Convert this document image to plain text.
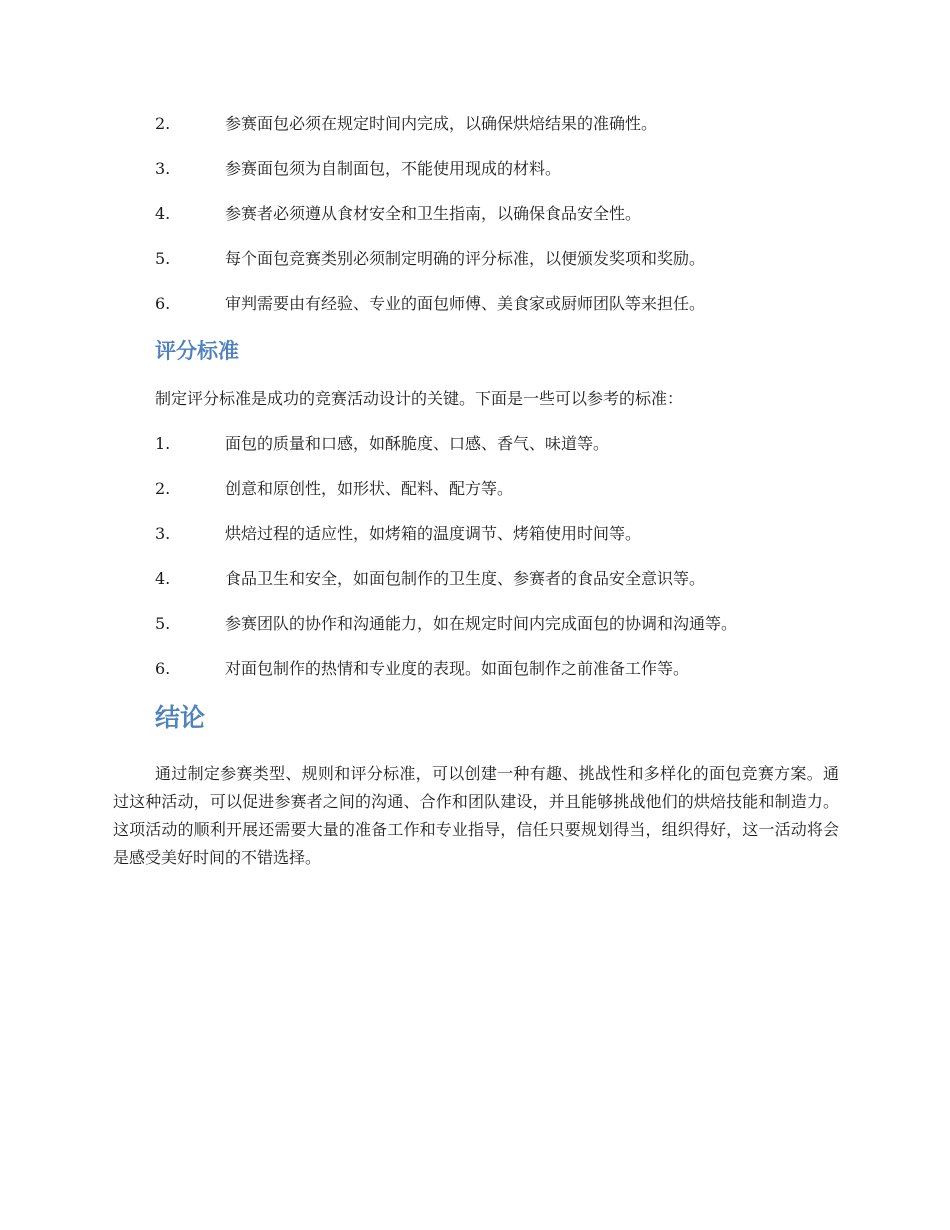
2.	参赛面包必须在规定时间内完成，以确保烘焙结果的准确性。
3.	参赛面包须为自制面包，不能使用现成的材料。
4.	参赛者必须遵从食材安全和卫生指南，以确保食品安全性。
5.	每个面包竞赛类别必须制定明确的评分标准，以便颁发奖项和奖励。
6.	审判需要由有经验、专业的面包师傅、美食家或厨师团队等来担任。
评分标准

制定评分标准是成功的竞赛活动设计的关键。下面是一些可以参考的标准：

1.	面包的质量和口感，如酥脆度、口感、香气、味道等。
2.	创意和原创性，如形状、配料、配方等。
3.	烘焙过程的适应性，如烤箱的温度调节、烤箱使用时间等。
4.	食品卫生和安全，如面包制作的卫生度、参赛者的食品安全意识等。
5.	参赛团队的协作和沟通能力，如在规定时间内完成面包的协调和沟通等。
6.	对面包制作的热情和专业度的表现。如面包制作之前准备工作等。
结论

通过制定参赛类型、规则和评分标准，可以创建一种有趣、挑战性和多样化的面包竞赛方案。通过这种活动，可以促进参赛者之间的沟通、合作和团队建设，并且能够挑战他们的烘焙技能和制造力。这项活动的顺利开展还需要大量的准备工作和专业指导，信任只要规划得当，组织得好，这一活动将会是感受美好时间的不错选择。
